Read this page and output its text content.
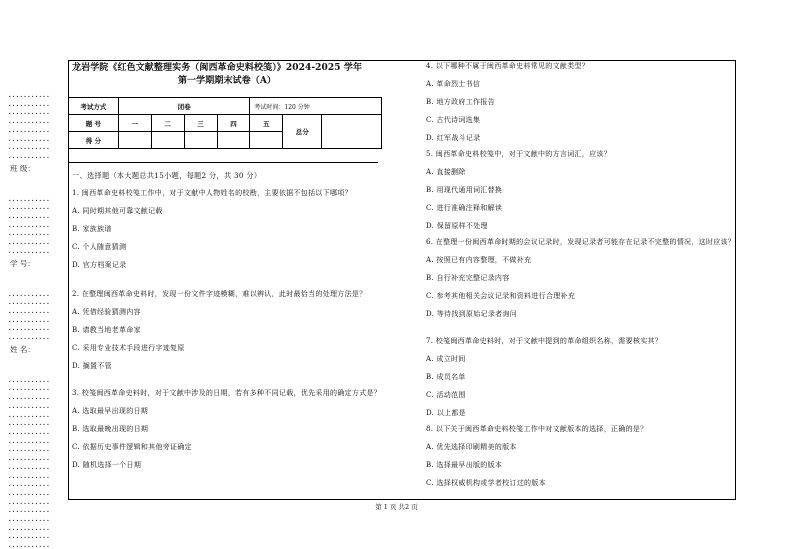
...........
...........
...........
...........
...........
...........
...........
...........
班 级：
...........
...........
...........
...........
...........
...........
...........
学 号：
...........
...........
...........
...........
...........
...........
姓 名：
...........
...........
...........
...........
...........
...........
...........
...........
...........
...........
...........
...........
...........
...........
...........
...........
...........
...........
...........
...........
龙岩学院《红色文献整理实务（闽西革命史料校笺）》2024-2025 学年
第一学期期末试卷（A）
考试方式	闭卷				考试时间：120 分钟		
题 号	一	二	三	四	五	总分	
得 分							
一、选择题（本大题总共15小题，每题2 分，共 30 分）
1. 闽西革命史料校笺工作中，对于文献中人物姓名的校勘，主要依据不包括以下哪项？
A. 同时期其他可靠文献记载
B. 家族族谱
C. 个人随意猜测
D. 官方档案记录
2. 在整理闽西革命史料时，发现一份文件字迹模糊，难以辨认，此时最恰当的处理方法是？
A. 凭借经验猜测内容
B. 请教当地老革命家
C. 采用专业技术手段进行字迹复原
D. 搁置不管
3. 校笺闽西革命史料时，对于文献中涉及的日期，若有多种不同记载，优先采用的确定方式是？
A. 选取最早出现的日期
B. 选取最晚出现的日期
C. 依据历史事件逻辑和其他旁证确定
D. 随机选择一个日期
4. 以下哪种不属于闽西革命史料常见的文献类型？
A. 革命烈士书信
B. 地方政府工作报告
C. 古代诗词选集
D. 红军战斗记录
5. 闽西革命史料校笺中，对于文献中的方言词汇，应该？
A. 直接删除
B. 用现代通用词汇替换
C. 进行准确注释和解读
D. 保留原样不处理
6. 在整理一份闽西革命时期的会议记录时，发现记录者可能存在记录不完整的情况，这时应该？
A. 按照已有内容整理，不做补充
B. 自行补充完整记录内容
C. 参考其他相关会议记录和资料进行合理补充
D. 等待找到原始记录者询问
7. 校笺闽西革命史料时，对于文献中提到的革命组织名称，需要核实其？
A. 成立时间
B. 成员名单
C. 活动范围
D. 以上都是
8. 以下关于闽西革命史料校笺工作中对文献版本的选择，正确的是？
A. 优先选择印刷精美的版本
B. 选择最早出版的版本
C. 选择权威机构或学者校订过的版本
第 1 页 共2 页
